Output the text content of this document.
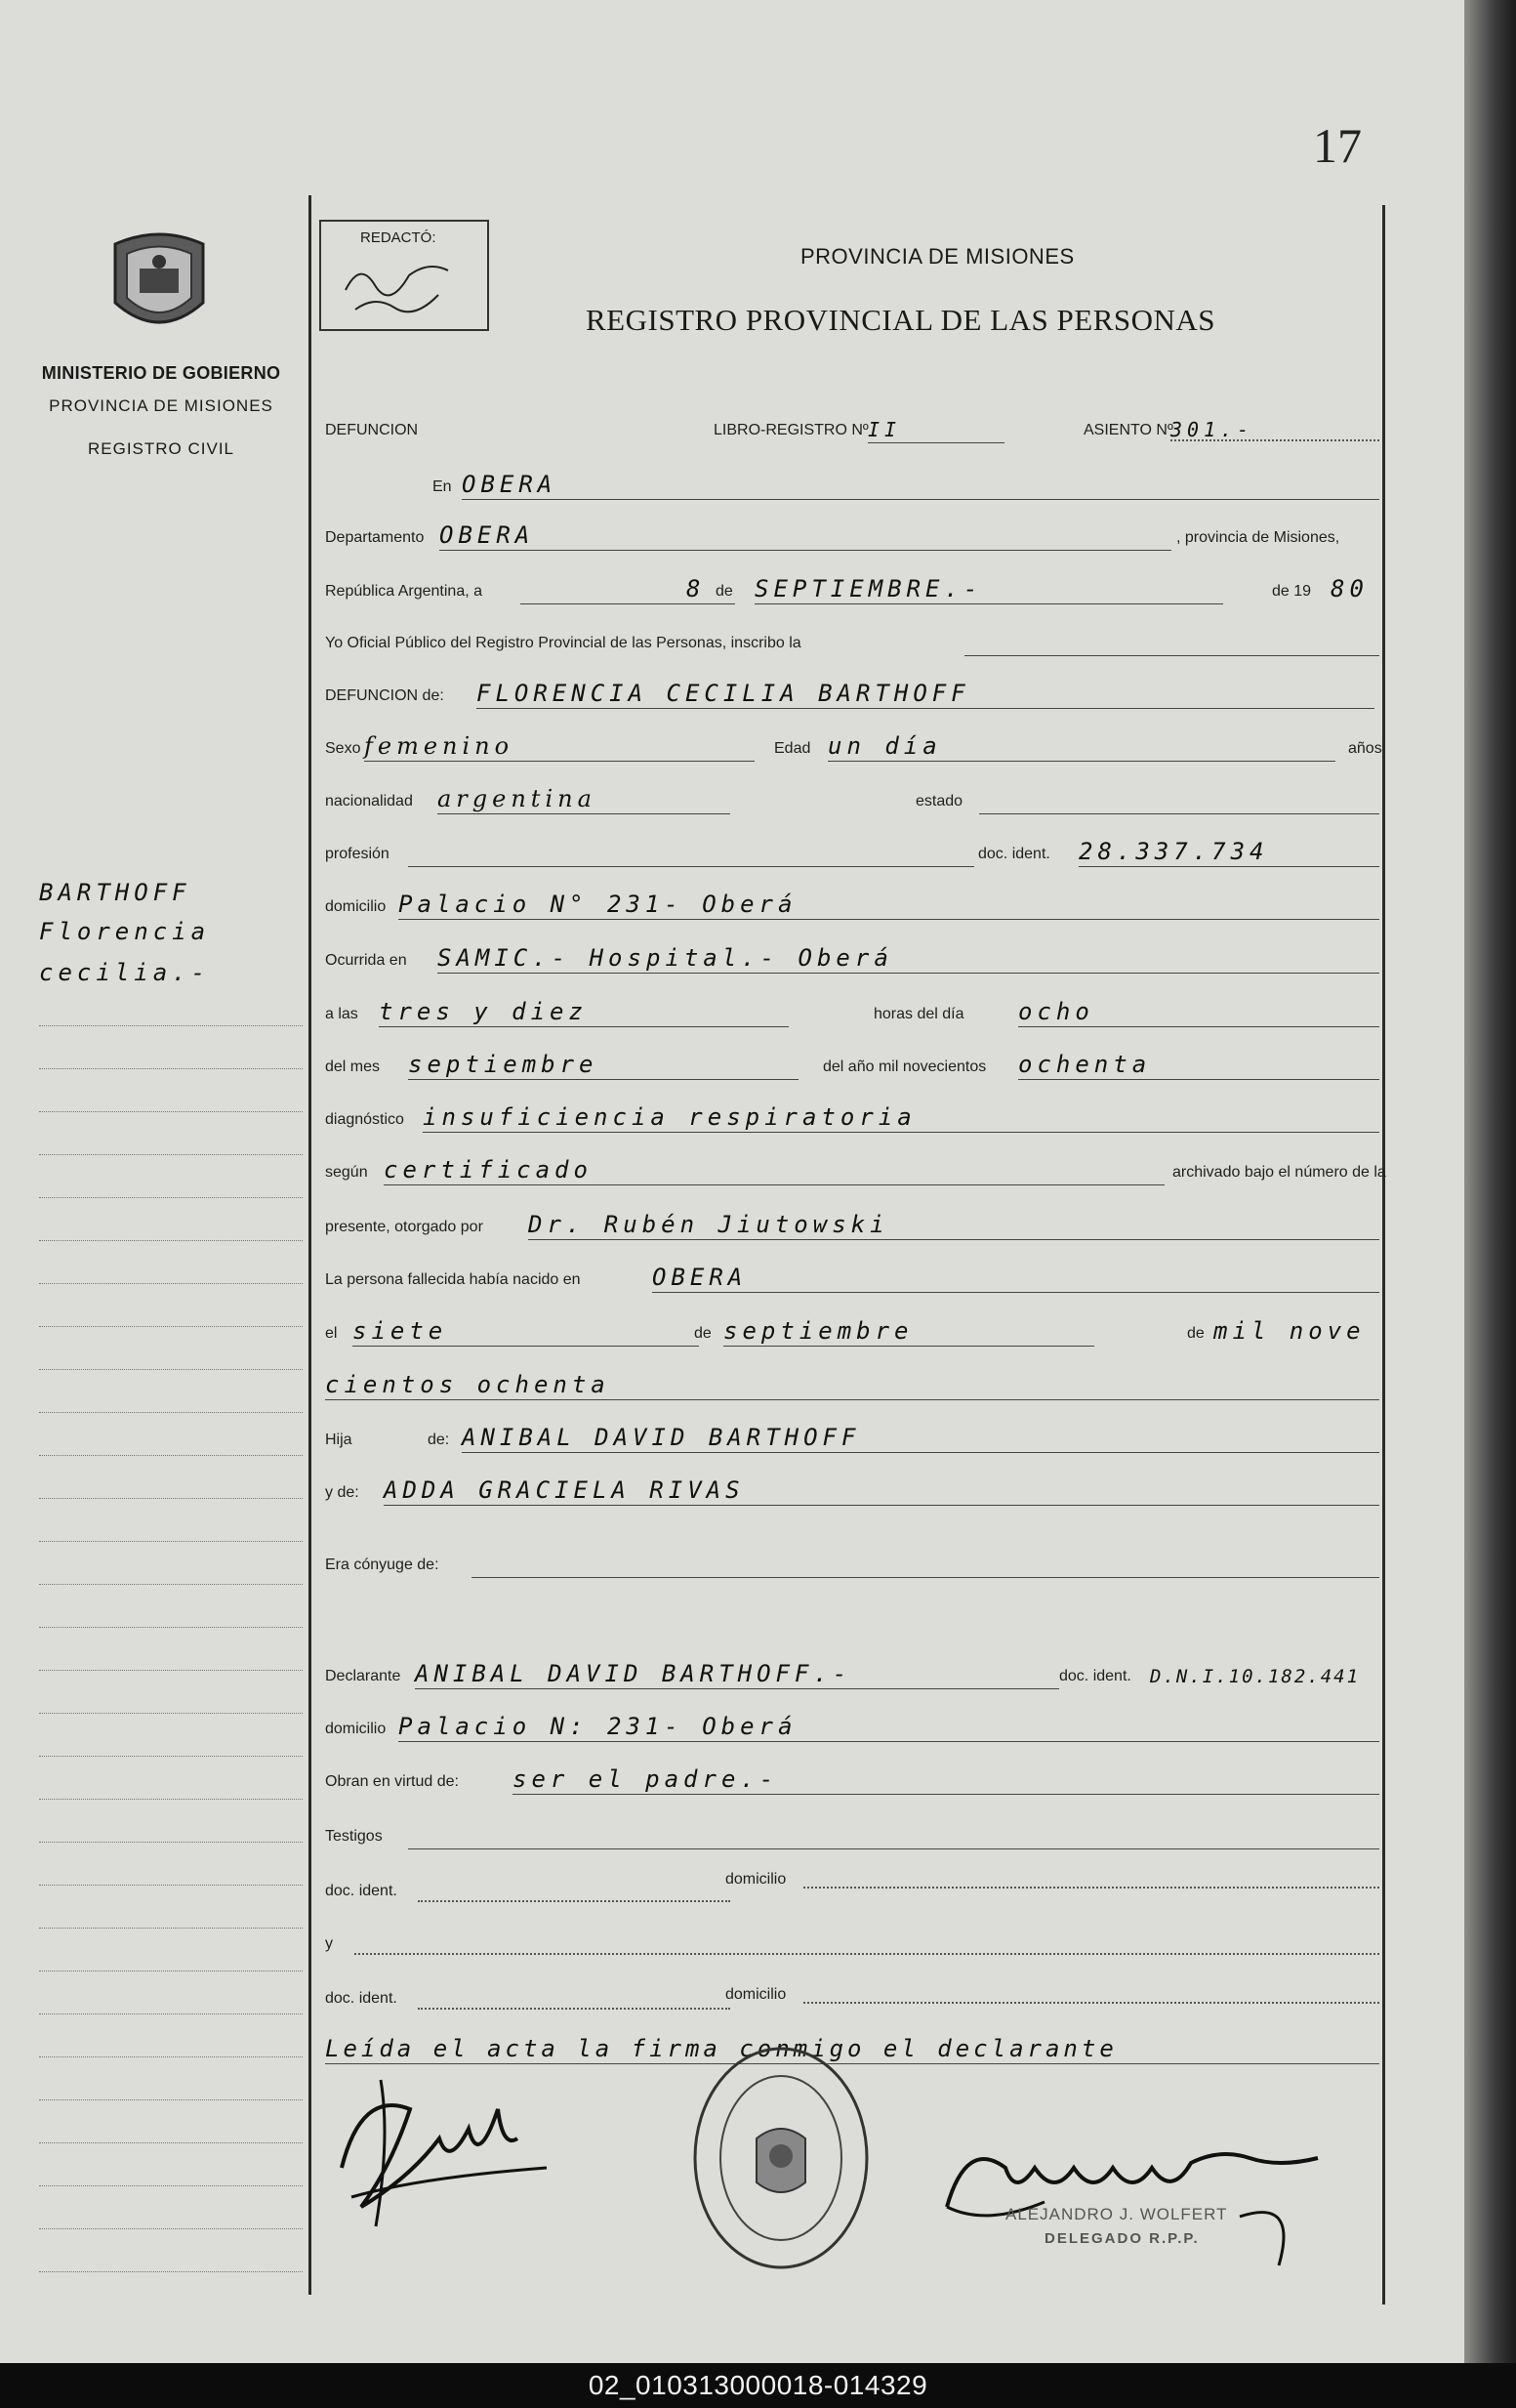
17
MINISTERIO DE GOBIERNO
PROVINCIA DE MISIONES
REGISTRO CIVIL
REDACTÓ:
PROVINCIA DE MISIONES
REGISTRO PROVINCIAL DE LAS PERSONAS
DEFUNCION	LIBRO-REGISTRO Nº II	ASIENTO Nº
301.-
En OBERA
Departamento OBERA	, provincia de Misiones,
República Argentina, a	8 de SEPTIEMBRE.-	de 19 80
Yo Oficial Público del Registro Provincial de las Personas, inscribo la
DEFUNCION de: FLORENCIA CECILIA BARTHOFF
Sexo femenino	Edad un día	años
nacionalidad argentina	estado
profesión	doc. ident. 28.337.734
domicilio Palacio N° 231- Oberá
Ocurrida en SAMIC.- Hospital.- Oberá
a las tres y diez	horas del día ocho
del mes septiembre	del año mil novecientos ochenta
diagnóstico insuficiencia respiratoria
según certificado	archivado bajo el número de la
presente, otorgado por Dr. Rubén Jiutowski
La persona fallecida había nacido en	OBERA
el siete	de septiembre	de mil nove
cientos ochenta
Hija	de: ANIBAL DAVID BARTHOFF
y de: ADDA GRACIELA RIVAS
Era cónyuge de:
Declarante ANIBAL DAVID BARTHOFF.-	doc. ident. D.N.I.10.182.441
domicilio Palacio N: 231- Oberá
Obran en virtud de: ser el padre.-
Testigos
doc. ident.
domicilio
y
doc. ident.	domicilio
Leída el acta la firma conmigo el declarante
BARTHOFF
Florencia
cecilia.-
ALEJANDRO J. WOLFERT
DELEGADO R.P.P.
02_010313000018-014329
